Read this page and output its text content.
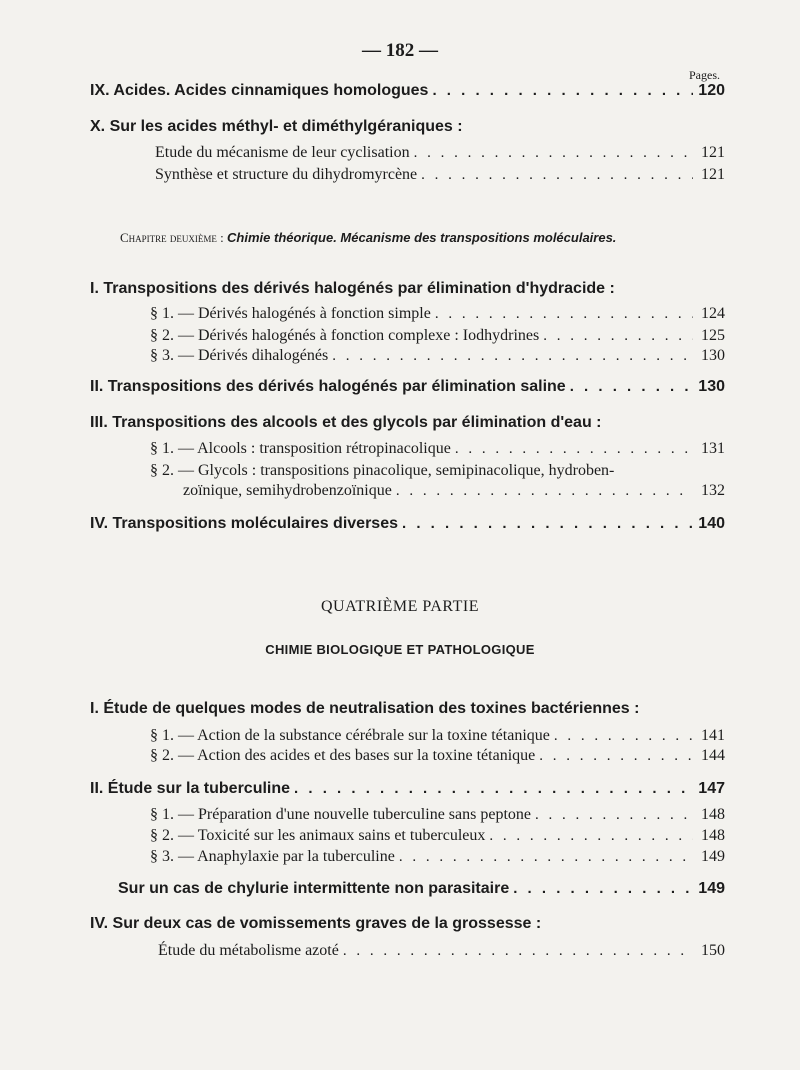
— 182 —
Pages.
IX. Acides. Acides cinnamiques homologues . . .	120
X. Sur les acides méthyl- et diméthylgéraniques :
Etude du mécanisme de leur cyclisation . . .	121
Synthèse et structure du dihydromyrcène . . .	121
Chapitre deuxième : Chimie théorique. Mécanisme des transpositions moléculaires.
I. Transpositions des dérivés halogénés par élimination d'hydracide :
§ 1. — Dérivés halogénés à fonction simple . . .	124
§ 2. — Dérivés halogénés à fonction complexe : Iodhydrines . . .	125
§ 3. — Dérivés dihalogénés . . .	130
II. Transpositions des dérivés halogénés par élimination saline . . .	130
III. Transpositions des alcools et des glycols par élimination d'eau :
§ 1. — Alcools : transposition rétropinacolique . . .	131
§ 2. — Glycols : transpositions pinacolique, semipinacolique, hydroben-
zoïnique, semihydrobenzoïnique . . .	132
IV. Transpositions moléculaires diverses . . .	140
QUATRIÈME PARTIE
CHIMIE BIOLOGIQUE ET PATHOLOGIQUE
I. Étude de quelques modes de neutralisation des toxines bactériennes :
§ 1. — Action de la substance cérébrale sur la toxine tétanique . . .	141
§ 2. — Action des acides et des bases sur la toxine tétanique . . .	144
II. Étude sur la tuberculine . . .	147
§ 1. — Préparation d'une nouvelle tuberculine sans peptone . . .	148
§ 2. — Toxicité sur les animaux sains et tuberculeux . . .	148
§ 3. — Anaphylaxie par la tuberculine . . .	149
Sur un cas de chylurie intermittente non parasitaire . . .	149
IV. Sur deux cas de vomissements graves de la grossesse :
Étude du métabolisme azoté . . .	150
